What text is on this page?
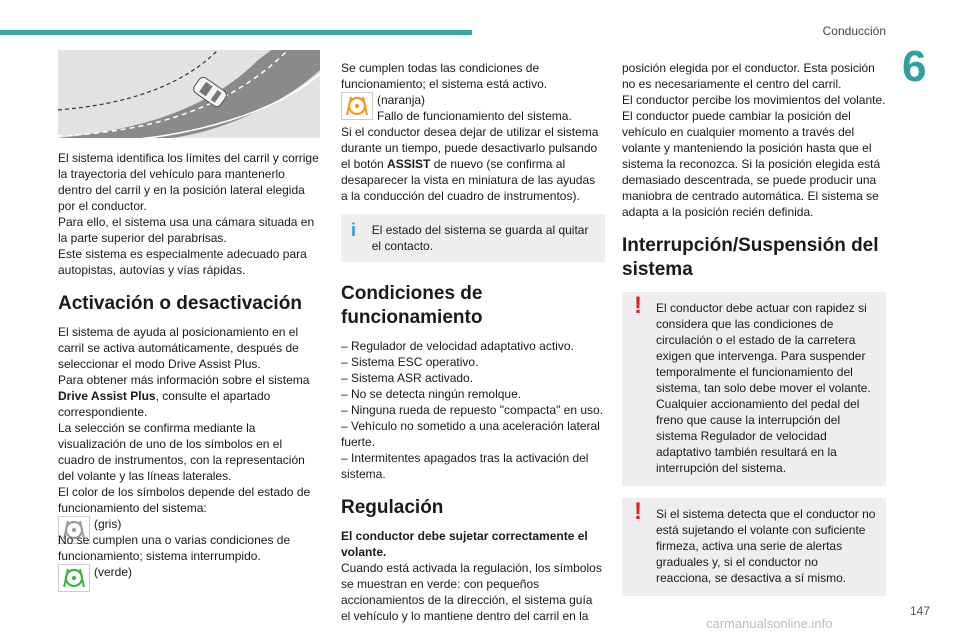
Conducción
6

El sistema identifica los límites del carril y corrige la trayectoria del vehículo para mantenerlo dentro del carril y en la posición lateral elegida por el conductor.

Para ello, el sistema usa una cámara situada en la parte superior del parabrisas.

Este sistema es especialmente adecuado para autopistas, autovías y vías rápidas.

Activación o desactivación

El sistema de ayuda al posicionamiento en el carril se activa automáticamente, después de seleccionar el modo Drive Assist Plus.

Para obtener más información sobre el sistema Drive Assist Plus, consulte el apartado correspondiente.

La selección se confirma mediante la visualización de uno de los símbolos en el cuadro de instrumentos, con la representación del volante y las líneas laterales.

El color de los símbolos depende del estado de funcionamiento del sistema:

(gris)

No se cumplen una o varias condiciones de funcionamiento; sistema interrumpido.

(verde)

Se cumplen todas las condiciones de funcionamiento; el sistema está activo.

(naranja)
Fallo de funcionamiento del sistema.

Si el conductor desea dejar de utilizar el sistema durante un tiempo, puede desactivarlo pulsando el botón ASSIST de nuevo (se confirma al desaparecer la vista en miniatura de las ayudas a la conducción del cuadro de instrumentos).

i	El estado del sistema se guarda al quitar el contacto.
Condiciones de funcionamiento
– Regulador de velocidad adaptativo activo.
– Sistema ESC operativo.
– Sistema ASR activado.
– No se detecta ningún remolque.
– Ninguna rueda de repuesto "compacta" en uso.
– Vehículo no sometido a una aceleración lateral fuerte.
– Intermitentes apagados tras la activación del sistema.
Regulación

El conductor debe sujetar correctamente el volante.

Cuando está activada la regulación, los símbolos se muestran en verde: con pequeños accionamientos de la dirección, el sistema guía el vehículo y lo mantiene dentro del carril en la

posición elegida por el conductor. Esta posición no es necesariamente el centro del carril.

El conductor percibe los movimientos del volante.

El conductor puede cambiar la posición del vehículo en cualquier momento a través del volante y manteniendo la posición hasta que el sistema la reconozca. Si la posición elegida está demasiado descentrada, se puede producir una maniobra de centrado automática. El sistema se adapta a la posición recién definida.

Interrupción/Suspensión del sistema
!	El conductor debe actuar con rapidez si considera que las condiciones de circulación o el estado de la carretera exigen que intervenga. Para suspender temporalmente el funcionamiento del sistema, tan solo debe mover el volante. Cualquier accionamiento del pedal del freno que cause la interrupción del sistema Regulador de velocidad adaptativo también resultará en la interrupción del sistema.

!	Si el sistema detecta que el conductor no está sujetando el volante con suficiente firmeza, activa una serie de alertas graduales y, si el conductor no reacciona, se desactiva a sí mismo.

147
carmanualsonline.info
